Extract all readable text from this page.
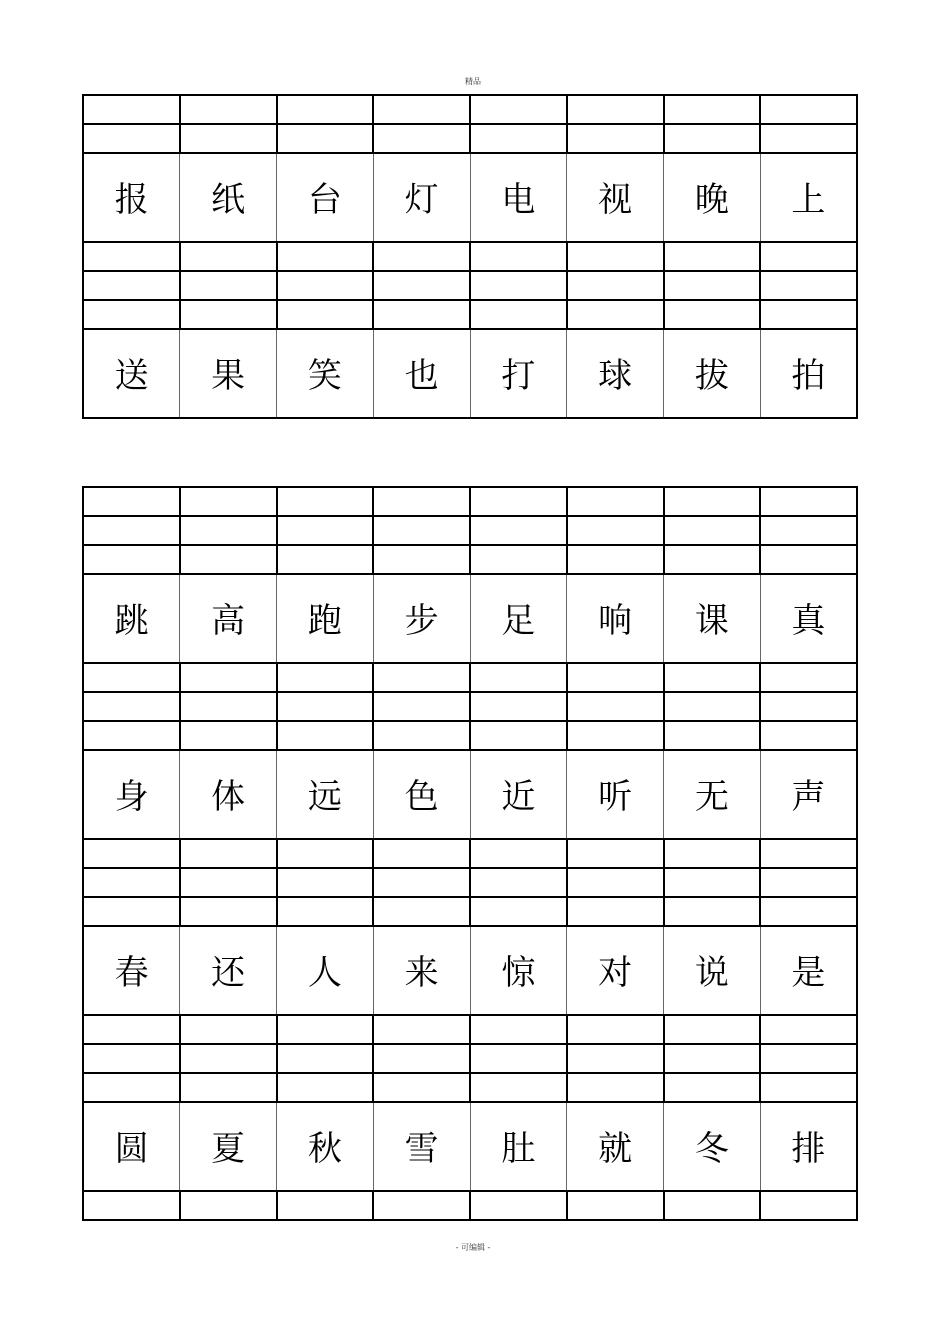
精品

报	纸	台	灯	电	视	晚	上

送	果	笑	也	打	球	拔	拍

跳	高	跑	步	足	响	课	真

身	体	远	色	近	听	无	声

春	还	人	来	惊	对	说	是

圆	夏	秋	雪	肚	就	冬	排

- 可编辑 -
